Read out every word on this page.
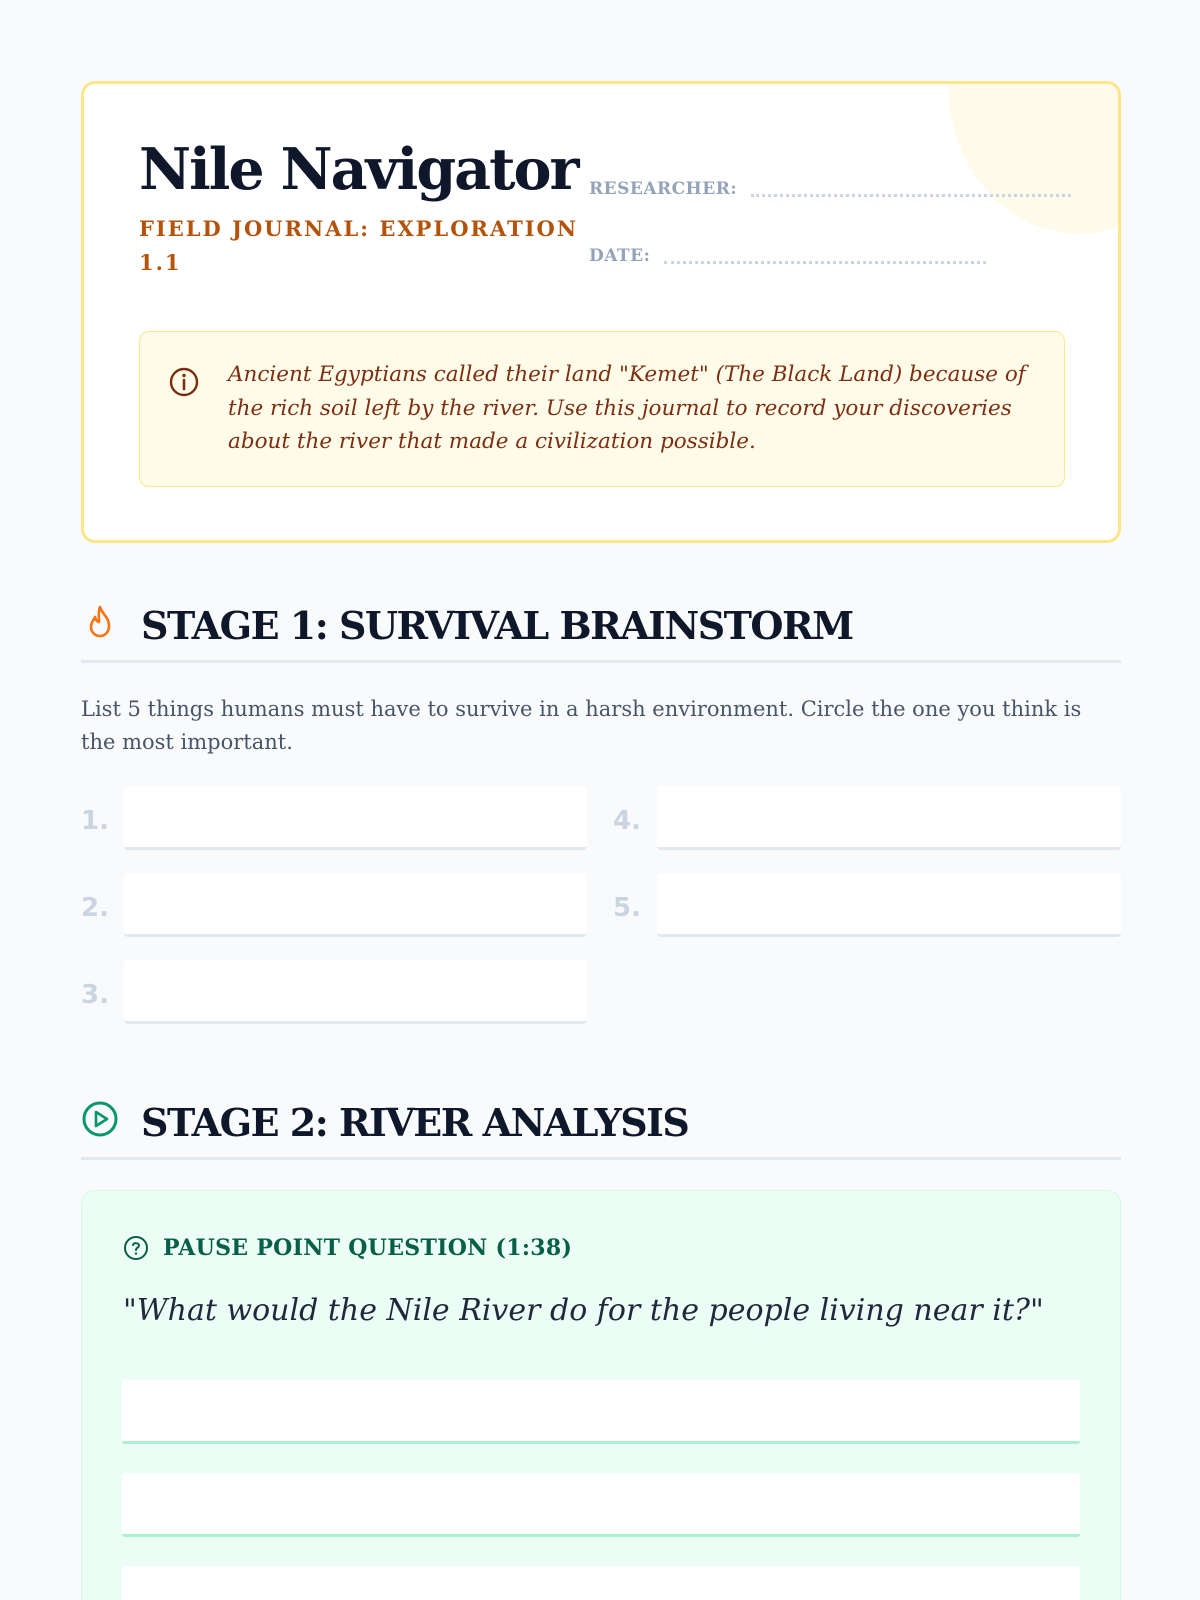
Nile Navigator
FIELD JOURNAL: EXPLORATION 1.1
RESEARCHER:
DATE:
Ancient Egyptians called their land "Kemet" (The Black Land) because of the rich soil left by the river. Use this journal to record your discoveries about the river that made a civilization possible.
STAGE 1: SURVIVAL BRAINSTORM
List 5 things humans must have to survive in a harsh environment. Circle the one you think is the most important.
1.
2.
3.
4.
5.
STAGE 2: RIVER ANALYSIS
PAUSE POINT QUESTION (1:38)
"What would the Nile River do for the people living near it?"
